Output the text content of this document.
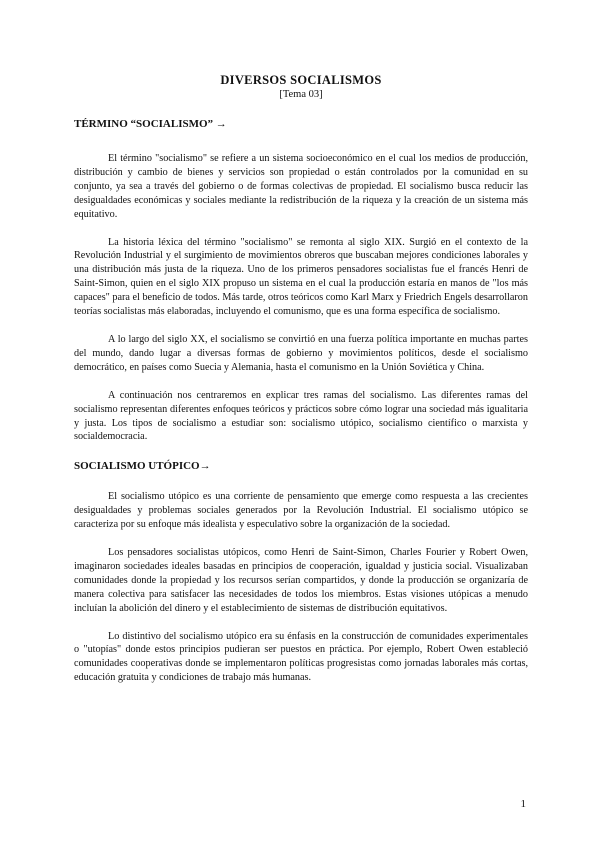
DIVERSOS SOCIALISMOS

[Tema 03]

TÉRMINO “SOCIALISMO” →

El término "socialismo" se refiere a un sistema socioeconómico en el cual los medios de producción, distribución y cambio de bienes y servicios son propiedad o están controlados por la comunidad en su conjunto, ya sea a través del gobierno o de formas colectivas de propiedad. El socialismo busca reducir las desigualdades económicas y sociales mediante la redistribución de la riqueza y la creación de un sistema más equitativo.

La historia léxica del término "socialismo" se remonta al siglo XIX. Surgió en el contexto de la Revolución Industrial y el surgimiento de movimientos obreros que buscaban mejores condiciones laborales y una distribución más justa de la riqueza. Uno de los primeros pensadores socialistas fue el francés Henri de Saint-Simon, quien en el siglo XIX propuso un sistema en el cual la producción estaría en manos de "los más capaces" para el beneficio de todos. Más tarde, otros teóricos como Karl Marx y Friedrich Engels desarrollaron teorías socialistas más elaboradas, incluyendo el comunismo, que es una forma específica de socialismo.

A lo largo del siglo XX, el socialismo se convirtió en una fuerza política importante en muchas partes del mundo, dando lugar a diversas formas de gobierno y movimientos políticos, desde el socialismo democrático, en países como Suecia y Alemania, hasta el comunismo en la Unión Soviética y China.

A continuación nos centraremos en explicar tres ramas del socialismo. Las diferentes ramas del socialismo representan diferentes enfoques teóricos y prácticos sobre cómo lograr una sociedad más igualitaria y justa. Los tipos de socialismo a estudiar son: socialismo utópico, socialismo científico o marxista y socialdemocracia.

SOCIALISMO UTÓPICO→

El socialismo utópico es una corriente de pensamiento que emerge como respuesta a las crecientes desigualdades y problemas sociales generados por la Revolución Industrial. El socialismo utópico se caracteriza por su enfoque más idealista y especulativo sobre la organización de la sociedad.

Los pensadores socialistas utópicos, como Henri de Saint-Simon, Charles Fourier y Robert Owen, imaginaron sociedades ideales basadas en principios de cooperación, igualdad y justicia social. Visualizaban comunidades donde la propiedad y los recursos serían compartidos, y donde la producción se organizaría de manera colectiva para satisfacer las necesidades de todos los miembros. Estas visiones utópicas a menudo incluían la abolición del dinero y el establecimiento de sistemas de distribución equitativos.

Lo distintivo del socialismo utópico era su énfasis en la construcción de comunidades experimentales o "utopías" donde estos principios pudieran ser puestos en práctica. Por ejemplo, Robert Owen estableció comunidades cooperativas donde se implementaron políticas progresistas como jornadas laborales más cortas, educación gratuita y condiciones de trabajo más humanas.

1
